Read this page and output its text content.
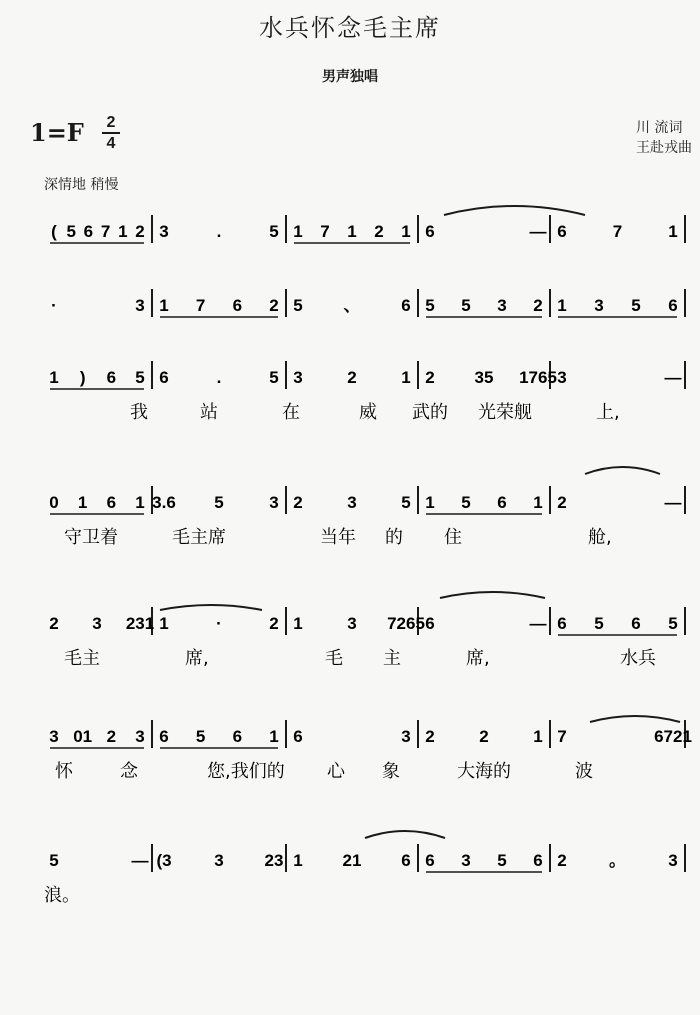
水兵怀念毛主席
男声独唱
1=F 2
4
川 流词
王赴戎曲
深情地 稍慢
( 5 6 7 1 2 3	.	5 1 7 1 2 1 6	— 6	7	1
·	3 1 7 6 2 5 、 6 5 5 3 2 1 3 5 6
1 ) 6 5 6	.	5 3	2	1 2 35 1765 3	—
我	站	在	威 武的 光荣舰	上,
0 1 6 1 3.6 5	3 2	3	5 1 5 6 1 2	—
守卫着	毛主席	当年 的 住	舱,
2 3 231 1	·	2 1	3 7265 6	— 6 5 6 5
毛主	席,	毛 主	席,	水兵
3 01 2 3 6 5 6 1 6	3 2	2	1 7	6721
怀	念	您,我们的 心 象	大海的	波
5	— (3	3 23 1 21 6 6 3 5 6 2 。 3
浪。
